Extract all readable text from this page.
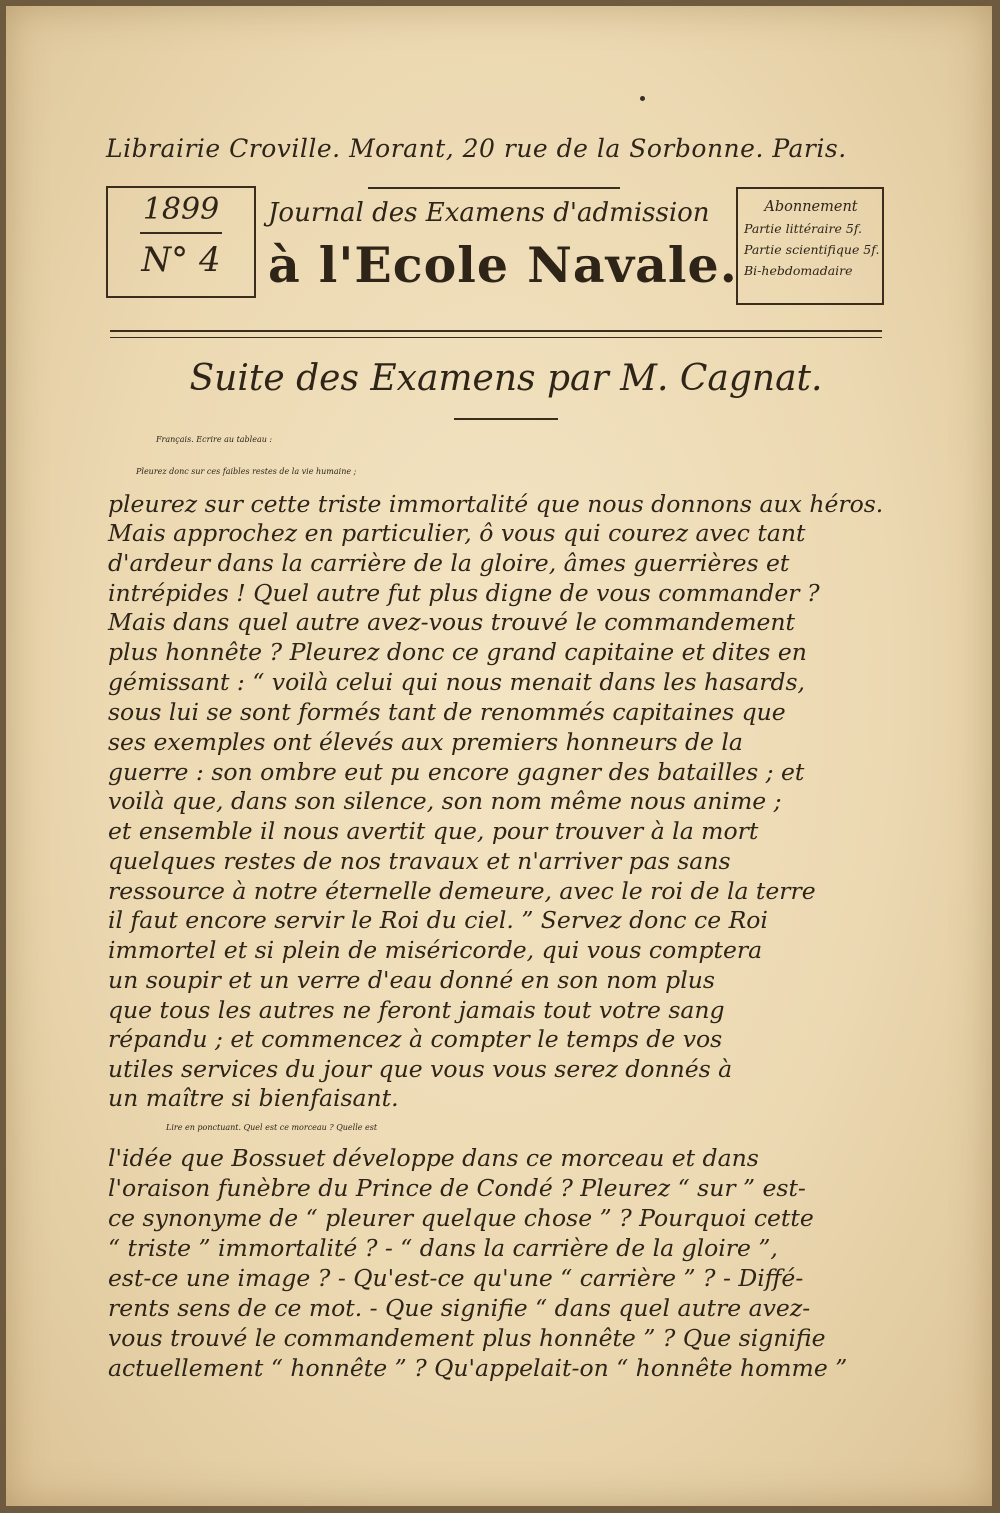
Librairie Croville. Morant, 20 rue de la Sorbonne. Paris.
1899
N° 4
Journal des Examens d'admission
à l'Ecole Navale.
Abonnement
Partie littéraire 5f.
Partie scientifique 5f.
Bi-hebdomadaire
Suite des Examens par M. Cagnat.
Français. Ecrire au tableau :
Pleurez donc sur ces faibles restes de la vie humaine ;
pleurez sur cette triste immortalité que nous donnons aux héros.
Mais approchez en particulier, ô vous qui courez avec tant
d'ardeur dans la carrière de la gloire, âmes guerrières et
intrépides ! Quel autre fut plus digne de vous commander ?
Mais dans quel autre avez-vous trouvé le commandement
plus honnête ? Pleurez donc ce grand capitaine et dites en
gémissant : “ voilà celui qui nous menait dans les hasards,
sous lui se sont formés tant de renommés capitaines que
ses exemples ont élevés aux premiers honneurs de la
guerre : son ombre eut pu encore gagner des batailles ; et
voilà que, dans son silence, son nom même nous anime ;
et ensemble il nous avertit que, pour trouver à la mort
quelques restes de nos travaux et n'arriver pas sans
ressource à notre éternelle demeure, avec le roi de la terre
il faut encore servir le Roi du ciel. ” Servez donc ce Roi
immortel et si plein de miséricorde, qui vous comptera
un soupir et un verre d'eau donné en son nom plus
que tous les autres ne feront jamais tout votre sang
répandu ; et commencez à compter le temps de vos
utiles services du jour que vous vous serez donnés à
un maître si bienfaisant.
Lire en ponctuant. Quel est ce morceau ? Quelle est
l'idée que Bossuet développe dans ce morceau et dans
l'oraison funèbre du Prince de Condé ? Pleurez “ sur ” est-
ce synonyme de “ pleurer quelque chose ” ? Pourquoi cette
“ triste ” immortalité ? - “ dans la carrière de la gloire ”,
est-ce une image ? - Qu'est-ce qu'une “ carrière ” ? - Diffé-
rents sens de ce mot. - Que signifie “ dans quel autre avez-
vous trouvé le commandement plus honnête ” ? Que signifie
actuellement “ honnête ” ? Qu'appelait-on “ honnête homme ”
